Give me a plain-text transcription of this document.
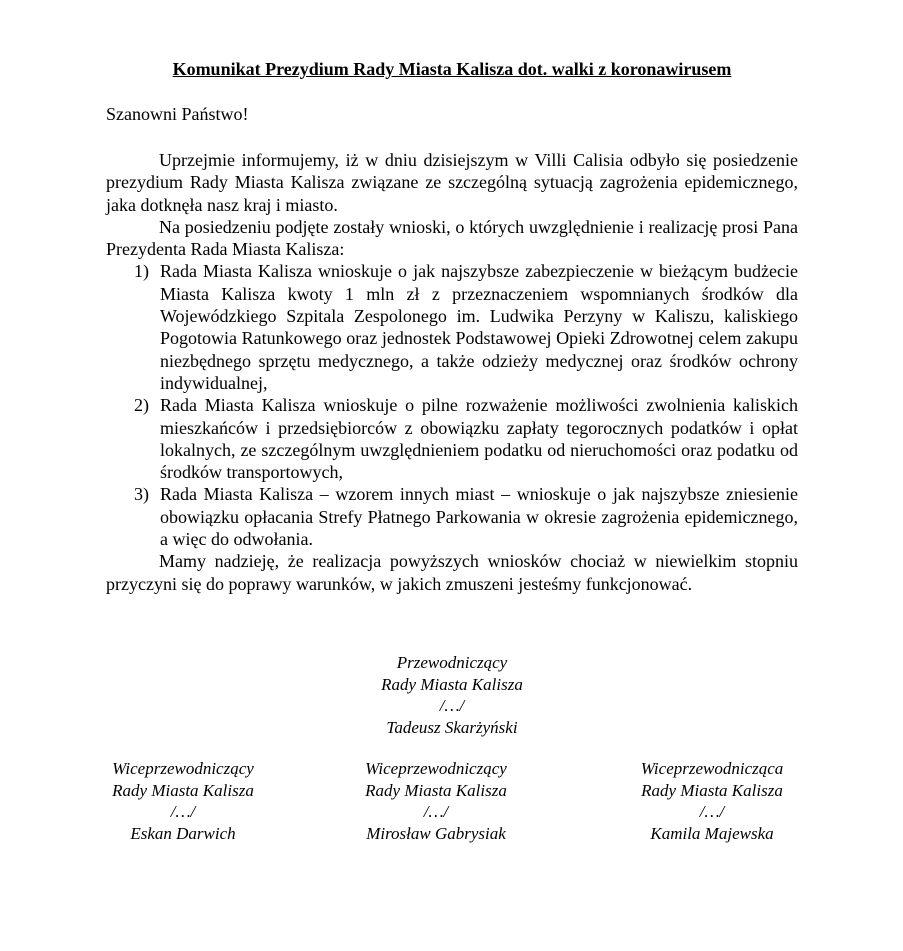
Komunikat Prezydium Rady Miasta Kalisza dot. walki z koronawirusem
Szanowni Państwo!

Uprzejmie informujemy, iż w dniu dzisiejszym w Villi Calisia odbyło się posiedzenie prezydium Rady Miasta Kalisza związane ze szczególną sytuacją zagrożenia epidemicznego, jaka dotknęła nasz kraj i miasto.

Na posiedzeniu podjęte zostały wnioski, o których uwzględnienie i realizację prosi Pana Prezydenta Rada Miasta Kalisza:

1) Rada Miasta Kalisza wnioskuje o jak najszybsze zabezpieczenie w bieżącym budżecie Miasta Kalisza kwoty 1 mln zł z przeznaczeniem wspomnianych środków dla Wojewódzkiego Szpitala Zespolonego im. Ludwika Perzyny w Kaliszu, kaliskiego Pogotowia Ratunkowego oraz jednostek Podstawowej Opieki Zdrowotnej celem zakupu niezbędnego sprzętu medycznego, a także odzieży medycznej oraz środków ochrony indywidualnej,
2) Rada Miasta Kalisza wnioskuje o pilne rozważenie możliwości zwolnienia kaliskich mieszkańców i przedsiębiorców z obowiązku zapłaty tegorocznych podatków i opłat lokalnych, ze szczególnym uwzględnieniem podatku od nieruchomości oraz podatku od środków transportowych,
3) Rada Miasta Kalisza – wzorem innych miast – wnioskuje o jak najszybsze zniesienie obowiązku opłacania Strefy Płatnego Parkowania w okresie zagrożenia epidemicznego, a więc do odwołania.

Mamy nadzieję, że realizacja powyższych wniosków chociaż w niewielkim stopniu przyczyni się do poprawy warunków, w jakich zmuszeni jesteśmy funkcjonować.

Przewodniczący
Rady Miasta Kalisza
/…/
Tadeusz Skarżyński
Wiceprzewodniczący
Rady Miasta Kalisza
/…/
Eskan Darwich
Wiceprzewodniczący
Rady Miasta Kalisza
/…/
Mirosław Gabrysiak
Wiceprzewodnicząca
Rady Miasta Kalisza
/…/
Kamila Majewska
